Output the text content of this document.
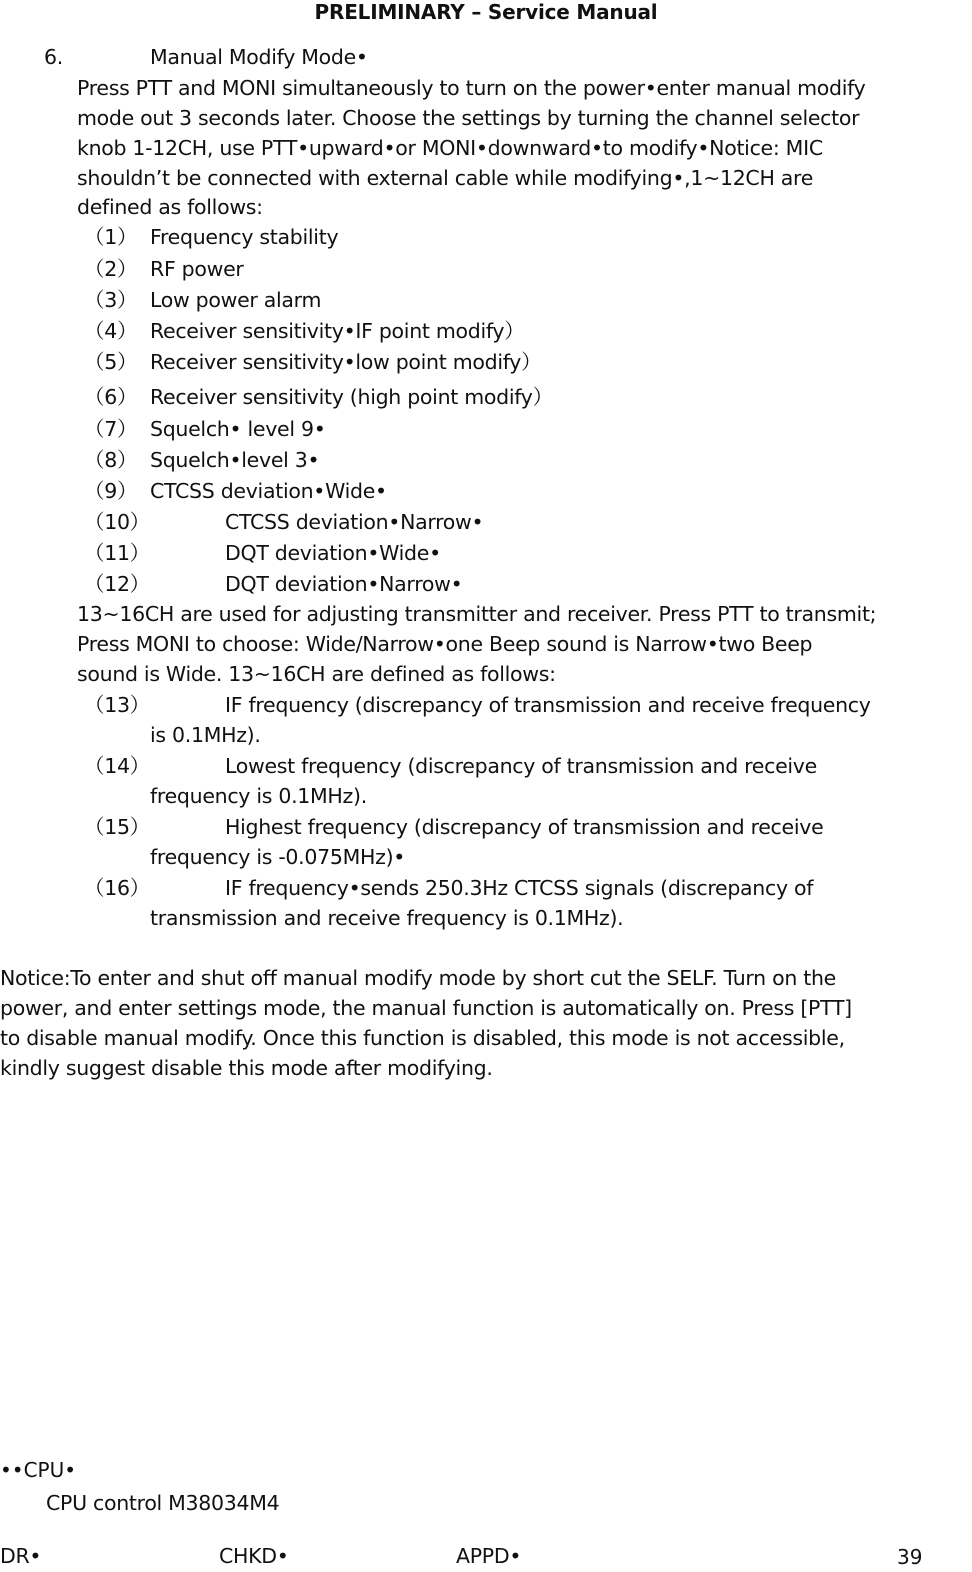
PRELIMINARY – Service Manual
6.	Manual Modify Mode•
Press PTT and MONI simultaneously to turn on the power•enter manual modify
mode out 3 seconds later. Choose the settings by turning the channel selector
knob 1-12CH, use PTT•upward•or MONI•downward•to modify•Notice: MIC
shouldn’t be connected with external cable while modifying•,1~12CH are
defined as follows:
（1） Frequency stability
（2） RF power
（3） Low power alarm
（4） Receiver sensitivity•IF point modify）
（5） Receiver sensitivity•low point modify）
（6） Receiver sensitivity (high point modify）
（7） Squelch• level 9•
（8） Squelch•level 3•
（9） CTCSS deviation•Wide•
（10）	CTCSS deviation•Narrow•
（11）	DQT deviation•Wide•
（12）	DQT deviation•Narrow•
13~16CH are used for adjusting transmitter and receiver. Press PTT to transmit;
Press MONI to choose: Wide/Narrow•one Beep sound is Narrow•two Beep
sound is Wide. 13~16CH are defined as follows:
（13）	IF frequency (discrepancy of transmission and receive frequency
is 0.1MHz).
（14）	Lowest frequency (discrepancy of transmission and receive
frequency is 0.1MHz).
（15）	Highest frequency (discrepancy of transmission and receive
frequency is -0.075MHz)•
（16）	IF frequency•sends 250.3Hz CTCSS signals (discrepancy of
transmission and receive frequency is 0.1MHz).
Notice:To enter and shut off manual modify mode by short cut the SELF. Turn on the
power, and enter settings mode, the manual function is automatically on. Press [PTT]
to disable manual modify. Once this function is disabled, this mode is not accessible,
kindly suggest disable this mode after modifying.
••CPU•
CPU control M38034M4
DR•	CHKD•	APPD•	39
